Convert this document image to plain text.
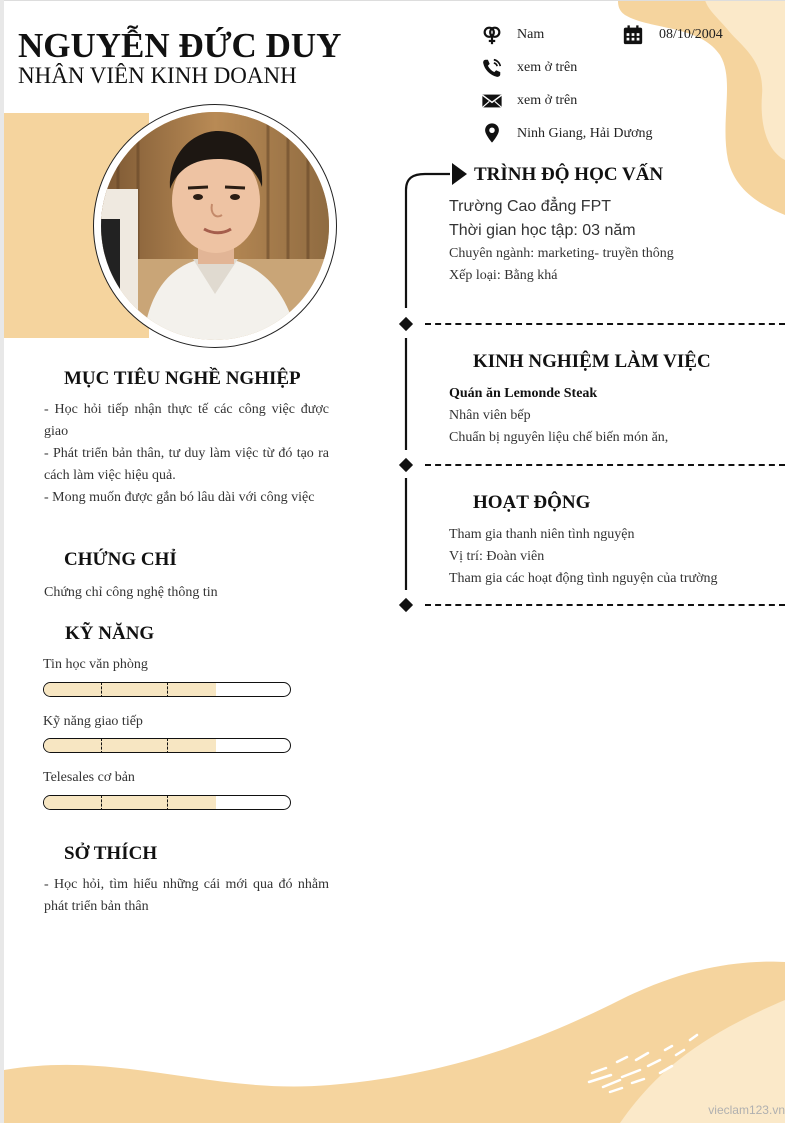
NGUYỄN ĐỨC DUY
NHÂN VIÊN KINH DOANH
Nam	08/10/2004
xem ở trên
xem ở trên
Ninh Giang, Hải Dương
MỤC TIÊU NGHỀ NGHIỆP
- Học hỏi tiếp nhận thực tế các công việc được giao
- Phát triển bản thân, tư duy làm việc từ đó tạo ra cách làm việc hiệu quả.
- Mong muốn được gắn bó lâu dài với công việc
CHỨNG CHỈ
Chứng chỉ công nghệ thông tin
KỸ NĂNG
Tin học văn phòng
Kỹ năng giao tiếp
Telesales cơ bản
SỞ THÍCH
- Học hỏi, tìm hiểu những cái mới qua đó nhằm phát triển bản thân
TRÌNH ĐỘ HỌC VẤN
Trường Cao đẳng FPT
Thời gian học tập: 03 năm
Chuyên ngành: marketing- truyền thông
Xếp loại: Bằng khá
KINH NGHIỆM LÀM VIỆC
Quán ăn Lemonde Steak
Nhân viên bếp
Chuẩn bị nguyên liệu chế biến món ăn,
HOẠT ĐỘNG
Tham gia thanh niên tình nguyện
Vị trí: Đoàn viên
Tham gia các hoạt động tình nguyện của trường
vieclam123.vn
